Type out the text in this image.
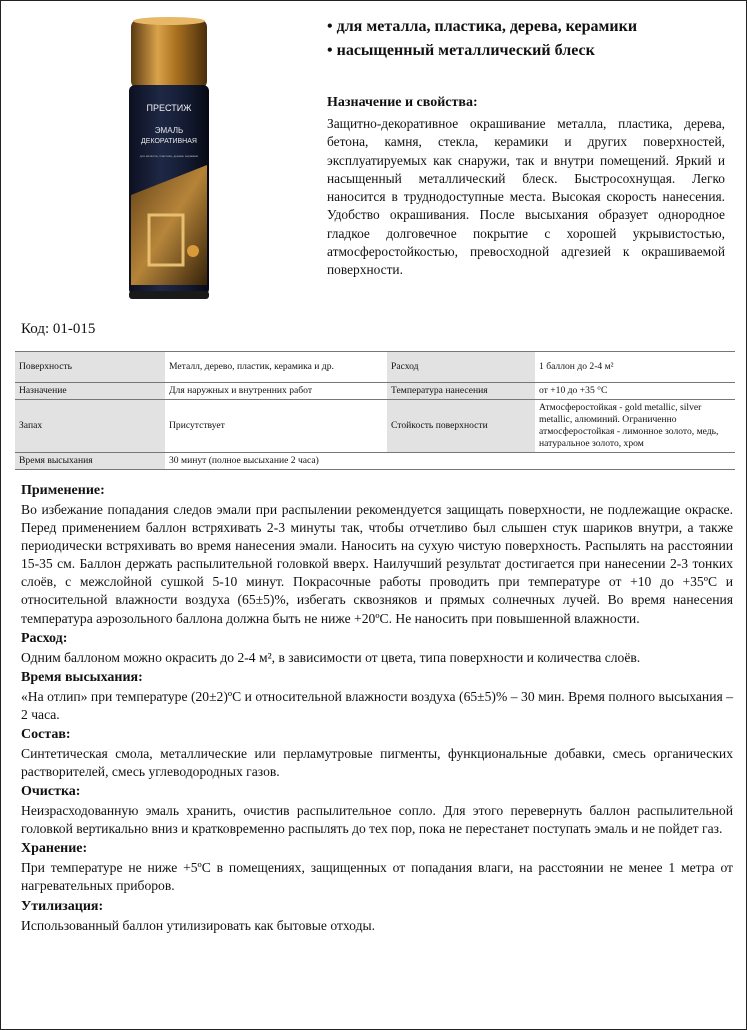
ПРЕСТИЖ
ЭМАЛЬ
ДЕКОРАТИВНАЯ
для металла, пластика, дерева, керамики
• для металла, пластика, дерева, керамики
• насыщенный металлический блеск
Назначение и свойства:
Защитно-декоративное окрашивание металла, пластика, дерева, бетона, камня, стекла, керамики и других поверхностей, эксплуатируемых как снаружи, так и внутри помещений. Яркий и насыщенный металлический блеск. Быстросохнущая. Легко наносится в труднодоступные места. Высокая скорость нанесения. Удобство окрашивания. После высыхания образует однородное гладкое долговечное покрытие с хорошей укрывистостью, атмосферостойкостью, превосходной адгезией к окрашиваемой поверхности.
Код: 01-015
Поверхность	Металл, дерево, пластик, керамика и др.	Расход	1 баллон до 2-4 м²
Назначение	Для наружных и внутренних работ	Температура нанесения	от +10 до +35 °С
Запах	Присутствует	Стойкость поверхности	Атмосферостойкая - gold metallic, silver metallic, алюминий. Ограниченно атмосферостойкая - лимонное золото, медь, натуральное золото, хром
Время высыхания	30 минут (полное высыхание 2 часа)		
Применение:

Во избежание попадания следов эмали при распылении рекомендуется защищать поверхности, не подлежащие окраске. Перед применением баллон встряхивать 2-3 минуты так, чтобы отчетливо был слышен стук шариков внутри, а также периодически встряхивать во время нанесения эмали. Наносить на сухую чистую поверхность. Распылять на расстоянии 15-35 см. Баллон держать распылительной головкой вверх. Наилучший результат достигается при нанесении 2-3 тонких слоёв, с межслойной сушкой 5-10 минут. Покрасочные работы проводить при температуре от +10 до +35ºС и относительной влажности воздуха (65±5)%, избегать сквозняков и прямых солнечных лучей. Во время нанесения температура аэрозольного баллона должна быть не ниже +20ºС. Не наносить при повышенной влажности.

Расход:

Одним баллоном можно окрасить до 2-4 м², в зависимости от цвета, типа поверхности и количества слоёв.

Время высыхания:

«На отлип» при температуре (20±2)ºС и относительной влажности воздуха (65±5)% – 30 мин. Время полного высыхания – 2 часа.

Состав:

Синтетическая смола, металлические или перламутровые пигменты, функциональные добавки, смесь органических растворителей, смесь углеводородных газов.

Очистка:

Неизрасходованную эмаль хранить, очистив распылительное сопло. Для этого перевернуть баллон распылительной головкой вертикально вниз и кратковременно распылять до тех пор, пока не перестанет поступать эмаль и не пойдет газ.

Хранение:

При температуре не ниже +5ºС в помещениях, защищенных от попадания влаги, на расстоянии не менее 1 метра от нагревательных приборов.

Утилизация:

Использованный баллон утилизировать как бытовые отходы.
